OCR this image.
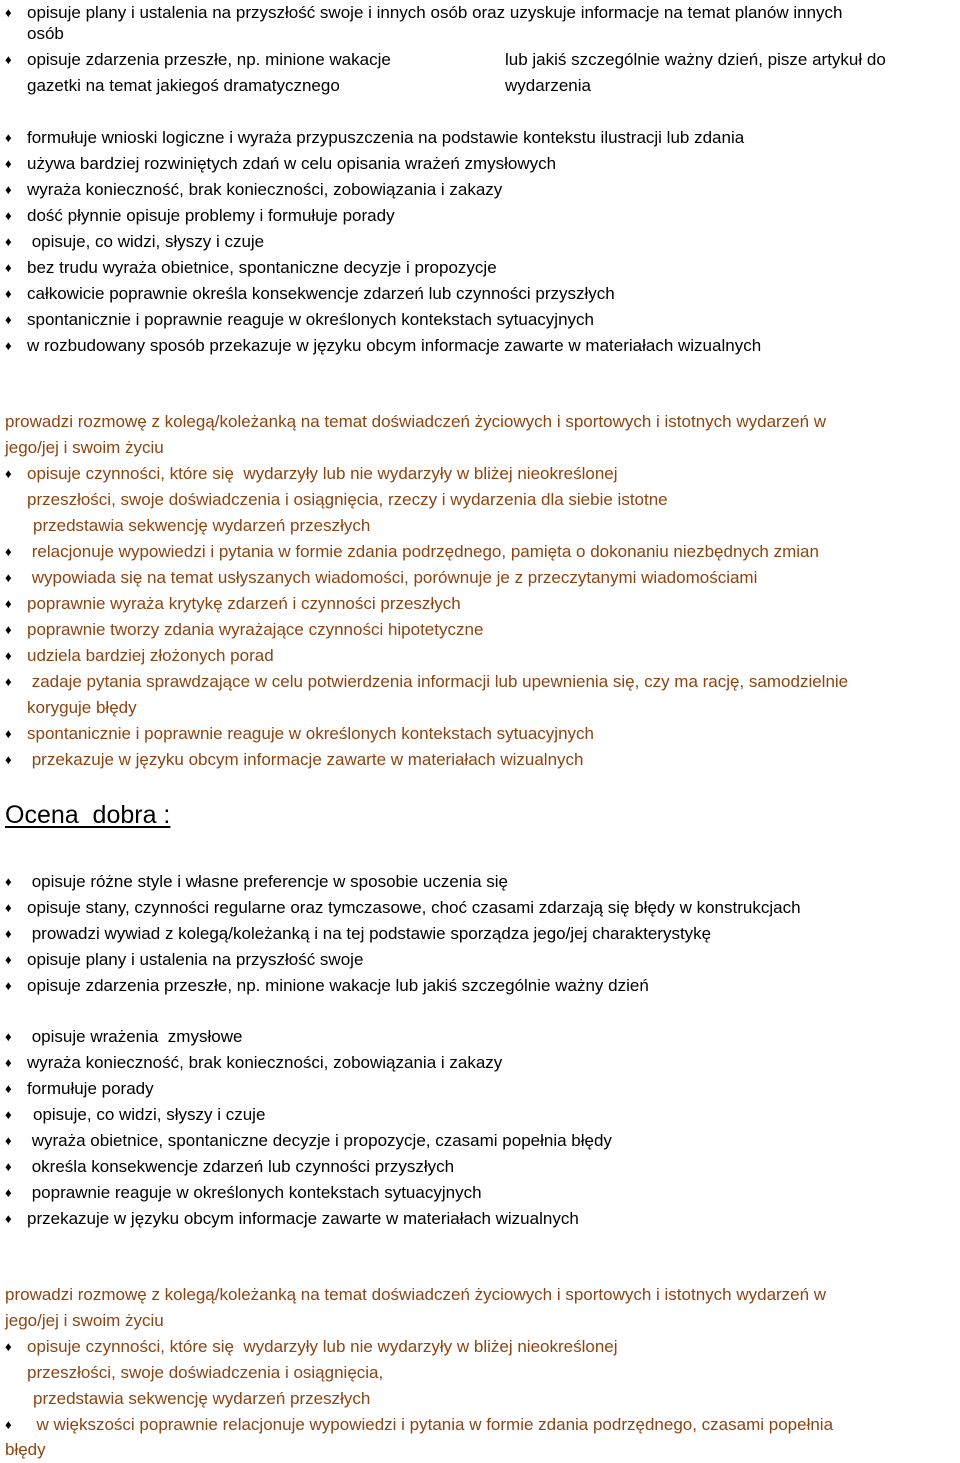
♦ opisuje plany i ustalenia na przyszłość swoje i innych osób oraz uzyskuje informacje na temat planów innych
osób
♦ opisuje zdarzenia przeszłe, np. minione wakacje
gazetki na temat jakiegoś dramatycznego
lub jakiś szczególnie ważny dzień, pisze artykuł do
wydarzenia
♦ formułuje wnioski logiczne i wyraża przypuszczenia na podstawie kontekstu ilustracji lub zdania
♦ używa bardziej rozwiniętych zdań w celu opisania wrażeń zmysłowych
♦ wyraża konieczność, brak konieczności, zobowiązania i zakazy
♦ dość płynnie opisuje problemy i formułuje porady
♦ opisuje, co widzi, słyszy i czuje
♦ bez trudu wyraża obietnice, spontaniczne decyzje i propozycje
♦ całkowicie poprawnie określa konsekwencje zdarzeń lub czynności przyszłych
♦ spontanicznie i poprawnie reaguje w określonych kontekstach sytuacyjnych
♦ w rozbudowany sposób przekazuje w języku obcym informacje zawarte w materiałach wizualnych
prowadzi rozmowę z kolegą/koleżanką na temat doświadczeń życiowych i sportowych i istotnych wydarzeń w
jego/jej i swoim życiu
♦ opisuje czynności, które się  wydarzyły lub nie wydarzyły w bliżej nieokreślonej
przeszłości, swoje doświadczenia i osiągnięcia, rzeczy i wydarzenia dla siebie istotne
przedstawia sekwencję wydarzeń przeszłych
♦ relacjonuje wypowiedzi i pytania w formie zdania podrzędnego, pamięta o dokonaniu niezbędnych zmian
♦ wypowiada się na temat usłyszanych wiadomości, porównuje je z przeczytanymi wiadomościami
♦ poprawnie wyraża krytykę zdarzeń i czynności przeszłych
♦ poprawnie tworzy zdania wyrażające czynności hipotetyczne
♦ udziela bardziej złożonych porad
♦ zadaje pytania sprawdzające w celu potwierdzenia informacji lub upewnienia się, czy ma rację, samodzielnie
koryguje błędy
♦ spontanicznie i poprawnie reaguje w określonych kontekstach sytuacyjnych
♦ przekazuje w języku obcym informacje zawarte w materiałach wizualnych
Ocena  dobra :
♦ opisuje różne style i własne preferencje w sposobie uczenia się
♦ opisuje stany, czynności regularne oraz tymczasowe, choć czasami zdarzają się błędy w konstrukcjach
♦ prowadzi wywiad z kolegą/koleżanką i na tej podstawie sporządza jego/jej charakterystykę
♦ opisuje plany i ustalenia na przyszłość swoje
♦ opisuje zdarzenia przeszłe, np. minione wakacje lub jakiś szczególnie ważny dzień
♦ opisuje wrażenia  zmysłowe
♦ wyraża konieczność, brak konieczności, zobowiązania i zakazy
♦ formułuje porady
♦ opisuje, co widzi, słyszy i czuje
♦ wyraża obietnice, spontaniczne decyzje i propozycje, czasami popełnia błędy
♦ określa konsekwencje zdarzeń lub czynności przyszłych
♦ poprawnie reaguje w określonych kontekstach sytuacyjnych
♦ przekazuje w języku obcym informacje zawarte w materiałach wizualnych
prowadzi rozmowę z kolegą/koleżanką na temat doświadczeń życiowych i sportowych i istotnych wydarzeń w
jego/jej i swoim życiu
♦ opisuje czynności, które się  wydarzyły lub nie wydarzyły w bliżej nieokreślonej
przeszłości, swoje doświadczenia i osiągnięcia,
przedstawia sekwencję wydarzeń przeszłych
♦  w większości poprawnie relacjonuje wypowiedzi i pytania w formie zdania podrzędnego, czasami popełnia
błędy
